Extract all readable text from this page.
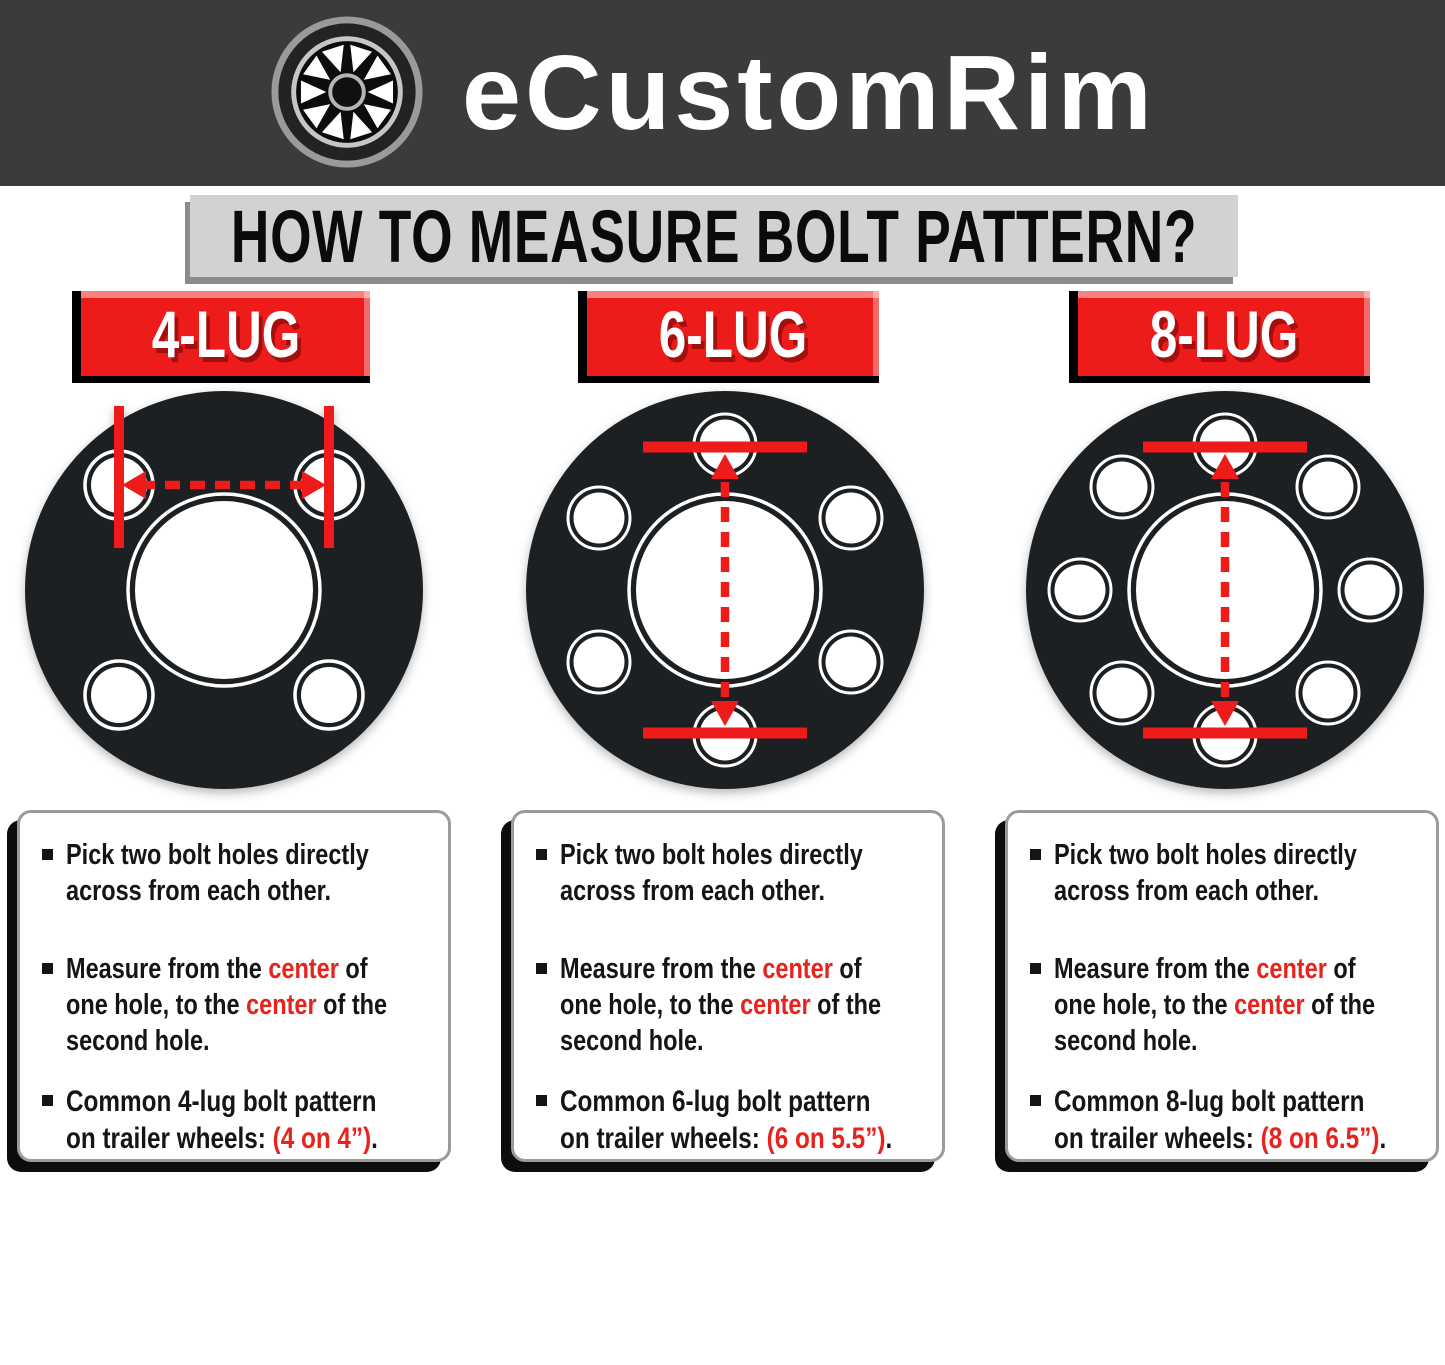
eCustomRim
HOW TO MEASURE BOLT PATTERN?
4-LUG	6-LUG	8-LUG
Pick two bolt holes directly
across from each other.
Measure from the center of
one hole, to the center of the
second hole.
Common 4-lug bolt pattern
on trailer wheels: (4 on 4”).
Pick two bolt holes directly
across from each other.
Measure from the center of
one hole, to the center of the
second hole.
Common 6-lug bolt pattern
on trailer wheels: (6 on 5.5”).
Pick two bolt holes directly
across from each other.
Measure from the center of
one hole, to the center of the
second hole.
Common 8-lug bolt pattern
on trailer wheels: (8 on 6.5”).
